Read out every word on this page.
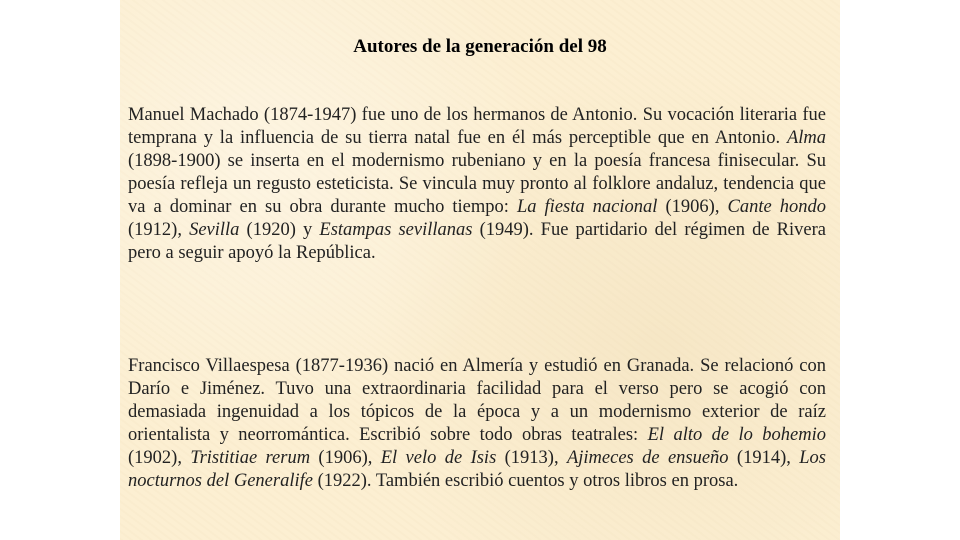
Autores de la generación del 98

Manuel Machado (1874-1947) fue uno de los hermanos de Antonio. Su vocación literaria fue temprana y la influencia de su tierra natal fue en él más perceptible que en Antonio. Alma (1898-1900) se inserta en el modernismo rubeniano y en la poesía francesa finisecular. Su poesía refleja un regusto esteticista. Se vincula muy pronto al folklore andaluz, tendencia que va a dominar en su obra durante mucho tiempo: La fiesta nacional (1906), Cante hondo (1912), Sevilla (1920) y Estampas sevillanas (1949). Fue partidario del régimen de Rivera pero a seguir apoyó la República.

Francisco Villaespesa (1877-1936) nació en Almería y estudió en Granada. Se relacionó con Darío e Jiménez. Tuvo una extraordinaria facilidad para el verso pero se acogió con demasiada ingenuidad a los tópicos de la época y a un modernismo exterior de raíz orientalista y neorromántica. Escribió sobre todo obras teatrales: El alto de lo bohemio (1902), Tristitiae rerum (1906), El velo de Isis (1913), Ajimeces de ensueño (1914), Los nocturnos del Generalife (1922). También escribió cuentos y otros libros en prosa.
